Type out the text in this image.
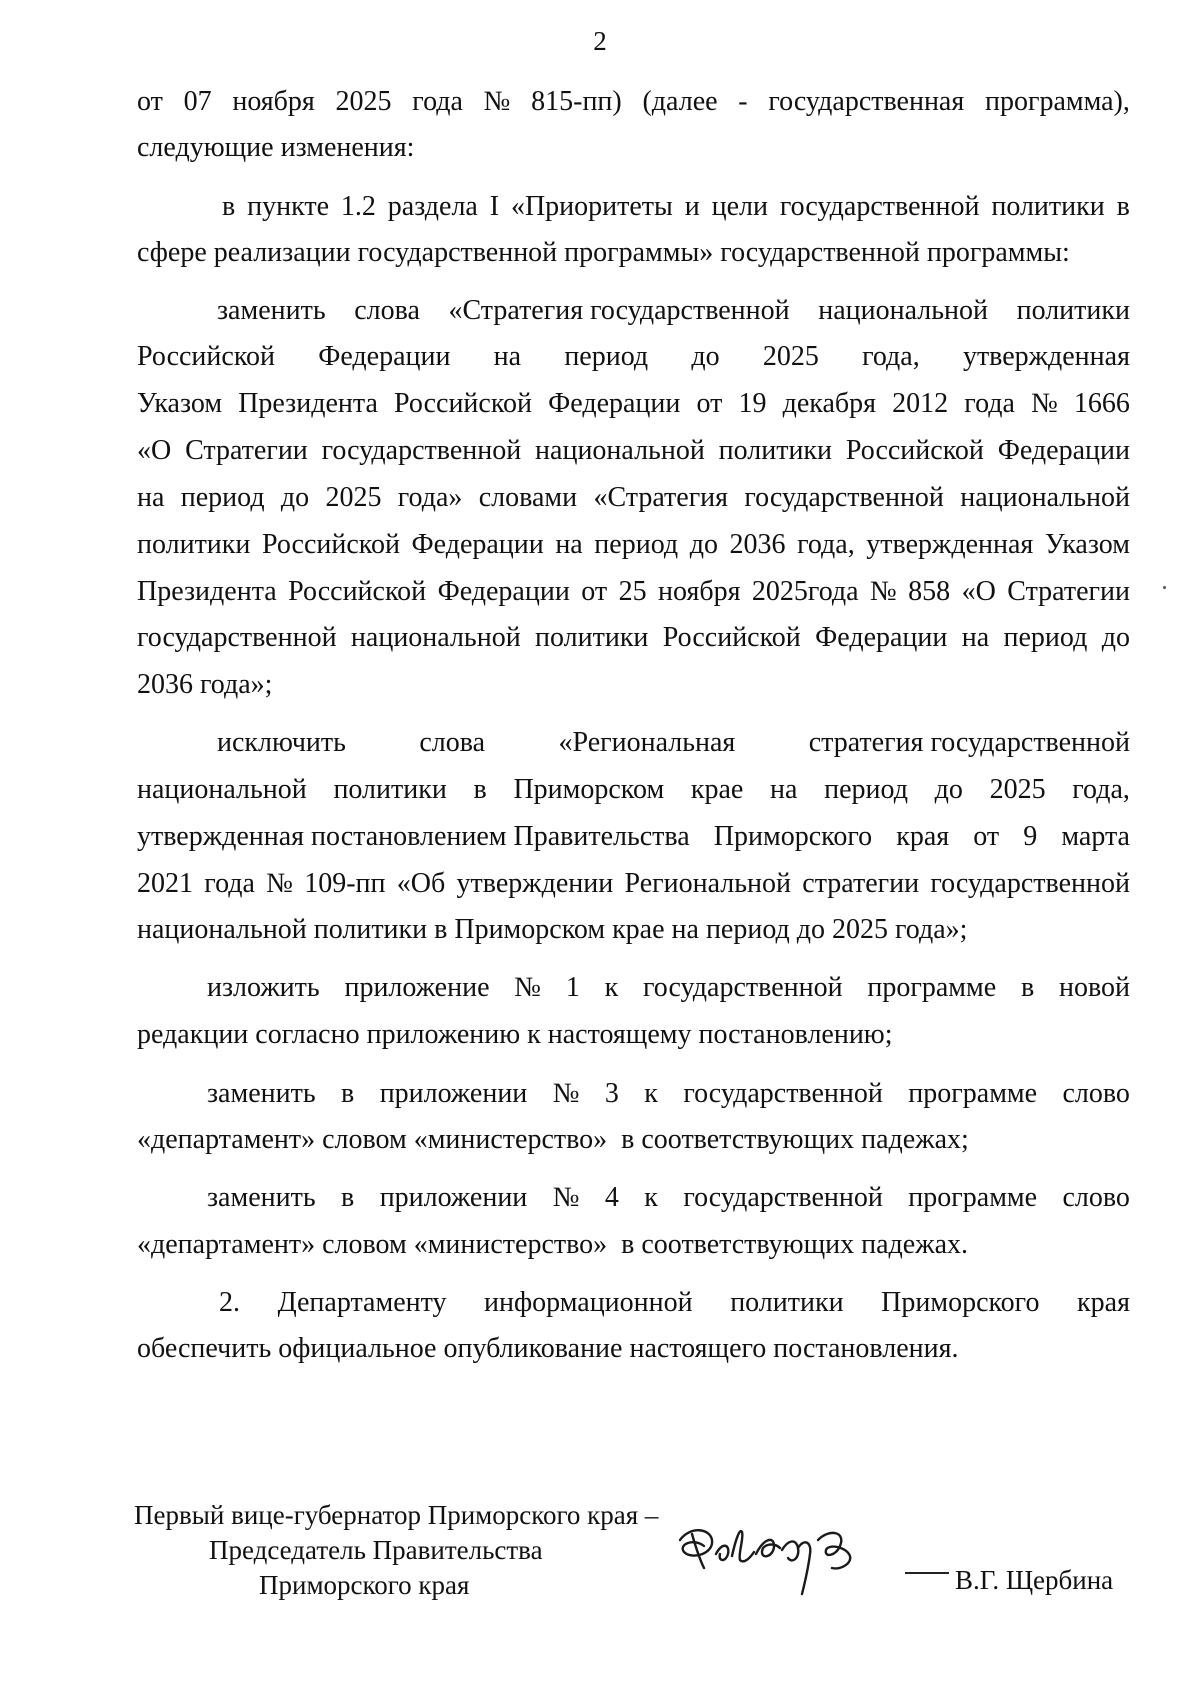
2
от 07 ноября 2025 года № 815-пп) (далее - государственная программа),
следующие изменения:
в пункте 1.2 раздела I «Приоритеты и цели государственной политики в
сфере реализации государственной программы» государственной программы:
заменить слова «Стратегия государственной национальной политики
Российской Федерации на период до 2025 года, утвержденная
Указом Президента Российской Федерации от 19 декабря 2012 года № 1666
«О Стратегии государственной национальной политики Российской Федерации
на период до 2025 года» словами «Стратегия государственной национальной
политики Российской Федерации на период до 2036 года, утвержденная Указом
Президента Российской Федерации от 25 ноября 2025года № 858 «О Стратегии
государственной национальной политики Российской Федерации на период до
2036 года»;
исключить	слова	«Региональная	стратегия государственной
национальной политики в Приморском крае на период до 2025 года,
утвержденная постановлением Правительства Приморского края от 9 марта
2021 года № 109-пп «Об утверждении Региональной стратегии государственной
национальной политики в Приморском крае на период до 2025 года»;
изложить приложение № 1 к государственной программе в новой
редакции согласно приложению к настоящему постановлению;
заменить в приложении № 3 к государственной программе слово
«департамент» словом «министерство»  в соответствующих падежах;
заменить в приложении № 4 к государственной программе слово
«департамент» словом «министерство»  в соответствующих падежах.
2. Департаменту информационной политики Приморского края
обеспечить официальное опубликование настоящего постановления.
Первый вице-губернатор Приморского края –
Председатель Правительства
Приморского края	В.Г. Щербина
